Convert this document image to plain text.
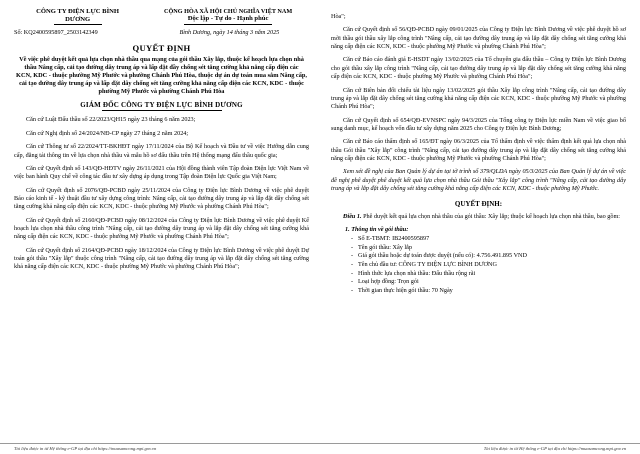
CÔNG TY ĐIỆN LỰC BÌNH
DƯƠNG
CỘNG HÒA XÃ HỘI CHỦ NGHĨA VIỆT NAM
Độc lập - Tự do - Hạnh phúc
Số: KQ2400595897_2503142349	Bình Dương, ngày 14 tháng 3 năm 2025
QUYẾT ĐỊNH
Về việc phê duyệt kết quả lựa chọn nhà thầu qua mạng của gói thầu Xây lắp, thuộc kế hoạch lựa chọn nhà thầu Nâng cấp, cải tạo đường dây trung áp và lấp đặt đầy chống sét tăng cường khả năng cấp điện các KCN, KDC - thuộc phường Mỹ Phước và phường Chánh Phú Hòa, thuộc dự án dự toán mua sắm Nâng cấp, cải tạo đường dây trung áp và lấp đặt dây chống sét tăng cường khả năng cấp điện các KCN, KDC - thuộc phường Mỹ Phước và phường Chánh Phú Hòa
GIÁM ĐỐC CÔNG TY ĐIỆN LỰC BÌNH DƯƠNG

Căn cứ Luật Đấu thầu số 22/2023/QH15 ngày 23 tháng 6 năm 2023;

Căn cứ Nghị định số 24/2024/NĐ-CP ngày 27 tháng 2 năm 2024;

Căn cứ Thông tư số 22/2024/TT-BKHĐT ngày 17/11/2024 của Bộ Kế hoạch và Đầu tư về việc Hướng dẫn cung cấp, đăng tải thông tin về lựa chọn nhà thầu và mẫu hồ sơ đấu thầu trên Hệ thống mạng đấu thầu quốc gia;

Căn cứ Quyết định số 143/QĐ-HĐTV ngày 26/11/2021 của Hội đồng thành viên Tập đoàn Điện lực Việt Nam về việc ban hành Quy chế về công tác đầu tư xây dựng áp dụng trong Tập đoàn Điện lực Quốc gia Việt Nam;

Căn cứ Quyết định số 2076/QĐ-PCBD ngày 25/11/2024 của Công ty Điện lực Bình Dương về việc phê duyệt Báo cáo kinh tế - kỹ thuật đầu tư xây dựng công trình: Nâng cấp, cải tạo đường dây trung áp và lắp đặt dây chống sét tăng cường khả năng cấp điện các KCN, KDC - thuộc phường Mỹ Phước và phường Chánh Phú Hòa";

Căn cứ Quyết định số 2160/QĐ-PCBD ngày 08/12/2024 của Công ty Điện lực Bình Dương về việc phê duyệt Kế hoạch lựa chọn nhà thầu công trình "Nâng cấp, cải tạo đường dây trung áp và lắp đặt dây chống sét tăng cường khả năng cấp điện các KCN, KDC - thuộc phường Mỹ Phước và phường Chánh Phú Hòa";

Căn cứ Quyết định số 2164/QĐ-PCBD ngày 18/12/2024 của Công ty Điện lực Bình Dương về việc phê duyệt Dự toán gói thầu "Xây lắp" thuộc công trình "Nâng cấp, cải tạo đường dây trung áp và lắp đặt dây chống sét tăng cường khả năng cấp điện các KCN, KDC - thuộc phường Mỹ Phước và phường Chánh Phú Hòa";

Hòa";

Căn cứ Quyết định số 56/QĐ-PCBD ngày 09/01/2025 của Công ty Điện lực Bình Dương về việc phê duyệt hồ sơ mời thầu gói thầu xây lắp công trình "Nâng cấp, cải tạo đường dây trung áp và lắp đặt dây chống sét tăng cường khả năng cấp điện các KCN, KDC - thuộc phường Mỹ Phước và phường Chánh Phú Hòa";

Căn cứ Báo cáo đánh giá E-HSDT ngày 13/02/2025 của Tổ chuyên gia đấu thầu – Công ty Điện lực Bình Dương cho gói thầu xây lắp công trình "Nâng cấp, cải tạo đường dây trung áp và lắp đặt dây chống sét tăng cường khả năng cấp điện các KCN, KDC - thuộc phường Mỹ Phước và phường Chánh Phú Hòa";

Căn cứ Biên bản đối chiếu tài liệu ngày 13/02/2025 gói thầu Xây lắp công trình "Nâng cấp, cải tạo đường dây trung áp và lắp đặt dây chống sét tăng cường khả năng cấp điện các KCN, KDC - thuộc phường Mỹ Phước và phường Chánh Phú Hòa";

Căn cứ Quyết định số 654/QĐ-EVNSPC ngày 94/3/2025 của Tổng công ty Điện lực miền Nam về việc giao bổ sung danh mục, kế hoạch vốn đầu tư xây dựng năm 2025 cho Công ty Điện lực Bình Dương;

Căn cứ Báo cáo thẩm định số 165/ĐT ngày 06/3/2025 của Tổ thẩm định về việc thẩm định kết quả lựa chọn nhà thầu Gói thầu "Xây lắp" công trình "Nâng cấp, cải tạo đường dây trung áp và lắp đặt dây chống sét tăng cường khả năng cấp điện các KCN, KDC - thuộc phường Mỹ Phước và phường Chánh Phú Hòa";

Xem xét đề nghị của Ban Quản lý dự án tại tờ trình số 379/QLDA ngày 05/3/2025 của Ban Quản lý dự án về việc đề nghị phê duyệt phê duyệt kết quả lựa chọn nhà thầu Gói thầu "Xây lắp" công trình "Nâng cấp, cải tạo đường dây trung áp và lắp đặt dây chống sét tăng cường khả năng cấp điện các KCN, KDC - thuộc phường Mỹ Phước.

QUYẾT ĐỊNH:

Điều 1. Phê duyệt kết quả lựa chọn nhà thầu của gói thầu: Xây lắp; thuộc kế hoạch lựa chọn nhà thầu, bao gồm:

1. Thông tin về gói thầu:
- Số E-TBMT: IB2400595897
- Tên gói thầu: Xây lắp
- Giá gói thầu hoặc dự toán được duyệt (nếu có): 4.756.491.895 VND
- Tên chủ đầu tư: CÔNG TY ĐIỆN LỰC BÌNH DƯƠNG
- Hình thức lựa chọn nhà thầu: Đấu thầu rộng rãi
- Loại hợp đồng: Trọn gói
- Thời gian thực hiện gói thầu: 70 Ngày
Tài liệu được in từ Hệ thống e-GP tại địa chỉ https://muasamcong.mpi.gov.vn	Tài liệu được in từ Hệ thống e-GP tại địa chỉ https://muasamcong.mpi.gov.vn
